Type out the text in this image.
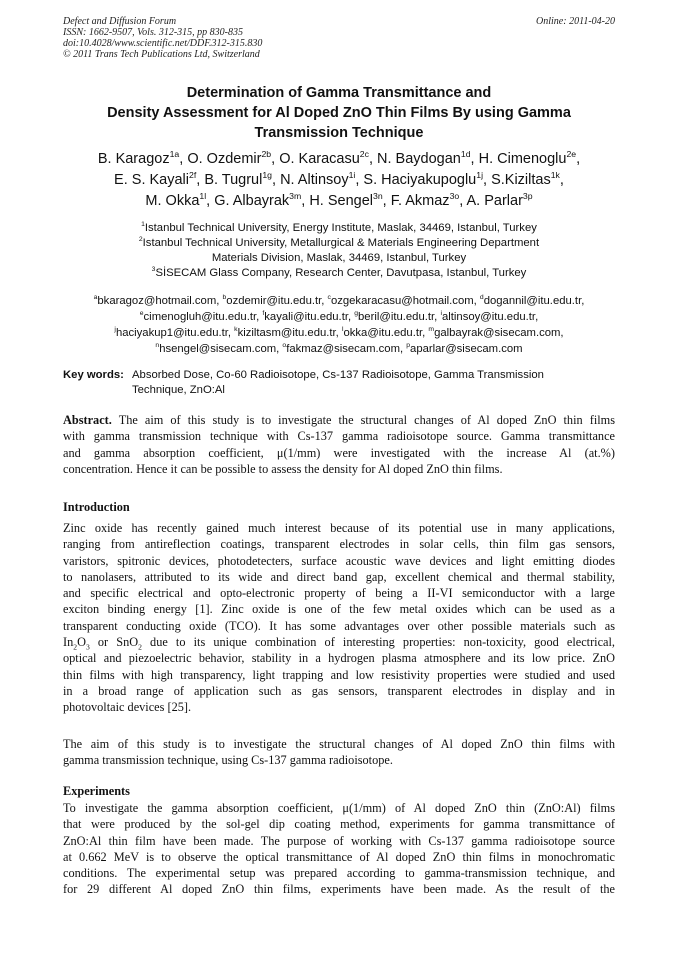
Defect and Diffusion Forum
ISSN: 1662-9507, Vols. 312-315, pp 830-835
doi:10.4028/www.scientific.net/DDF.312-315.830
© 2011 Trans Tech Publications Ltd, Switzerland
Online: 2011-04-20
Determination of Gamma Transmittance and
Density Assessment for Al Doped ZnO Thin Films By using Gamma
Transmission Technique
B. Karagoz$^{1a}$, O. Ozdemir$^{2b}$, O. Karacasu$^{2c}$, N. Baydogan$^{1d}$, H. Cimenoglu$^{2e}$,
E. S. Kayali$^{2f}$, B. Tugrul$^{1g}$, N. Altinsoy$^{1i}$, S. Haciyakupoglu$^{1j}$, S.Kiziltas$^{1k}$,
M. Okka$^{1l}$, G. Albayrak$^{3m}$, H. Sengel$^{3n}$, F. Akmaz$^{3o}$, A. Parlar$^{3p}$
$^1$Istanbul Technical University, Energy Institute, Maslak, 34469, Istanbul, Turkey
$^2$Istanbul Technical University, Metallurgical & Materials Engineering Department
Materials Division, Maslak, 34469, Istanbul, Turkey
$^3$SİSECAM Glass Company, Research Center, Davutpasa, Istanbul, Turkey
$^a$bkaragoz@hotmail.com, $^b$ozdemir@itu.edu.tr, $^c$ozgekaracasu@hotmail.com, $^d$dogannil@itu.edu.tr,
$^e$cimenogluh@itu.edu.tr, $^f$kayali@itu.edu.tr, $^g$beril@itu.edu.tr, $^i$altinsoy@itu.edu.tr,
$^j$haciyakup1@itu.edu.tr, $^k$kiziltasm@itu.edu.tr, $^l$okka@itu.edu.tr, $^m$galbayrak@sisecam.com,
$^n$hsengel@sisecam.com, $^o$fakmaz@sisecam.com, $^p$aparlar@sisecam.com
Key words: Absorbed Dose, Co-60 Radioisotope, Cs-137 Radioisotope, Gamma Transmission
Technique, ZnO:Al
Abstract. The aim of this study is to investigate the structural changes of Al doped ZnO thin films
with gamma transmission technique with Cs-137 gamma radioisotope source. Gamma transmittance
and gamma absorption coefficient, μ(1/mm) were investigated with the increase Al (at.%)
concentration. Hence it can be possible to assess the density for Al doped ZnO thin films.
Introduction
Zinc oxide has recently gained much interest because of its potential use in many applications,
ranging from antireflection coatings, transparent electrodes in solar cells, thin film gas sensors,
varistors, spitronic devices, photodetecters, surface acoustic wave devices and light emitting diodes
to nanolasers, attributed to its wide and direct band gap, excellent chemical and thermal stability,
and specific electrical and opto-electronic property of being a II-VI semiconductor with a large
exciton binding energy [1]. Zinc oxide is one of the few metal oxides which can be used as a
transparent conducting oxide (TCO). It has some advantages over other possible materials such as
$In_2O_3$ or SnO$_2$ due to its unique combination of interesting properties: non-toxicity, good electrical,
optical and piezoelectric behavior, stability in a hydrogen plasma atmosphere and its low price. ZnO
thin films with high transparency, light trapping and low resistivity properties were studied and used
in a broad range of application such as gas sensors, transparent electrodes in display and in
photovoltaic devices [25].
The aim of this study is to investigate the structural changes of Al doped ZnO thin films with
gamma transmission technique, using Cs-137 gamma radioisotope.
Experiments
To investigate the gamma absorption coefficient, μ(1/mm) of Al doped ZnO thin (ZnO:Al) films
that were produced by the sol-gel dip coating method, experiments for gamma transmittance of
ZnO:Al thin film have been made. The purpose of working with Cs-137 gamma radioisotope source
at 0.662 MeV is to observe the optical transmittance of Al doped ZnO thin films in monochromatic
conditions. The experimental setup was prepared according to gamma-transmission technique, and
for 29 different Al doped ZnO thin films, experiments have been made. As the result of the
